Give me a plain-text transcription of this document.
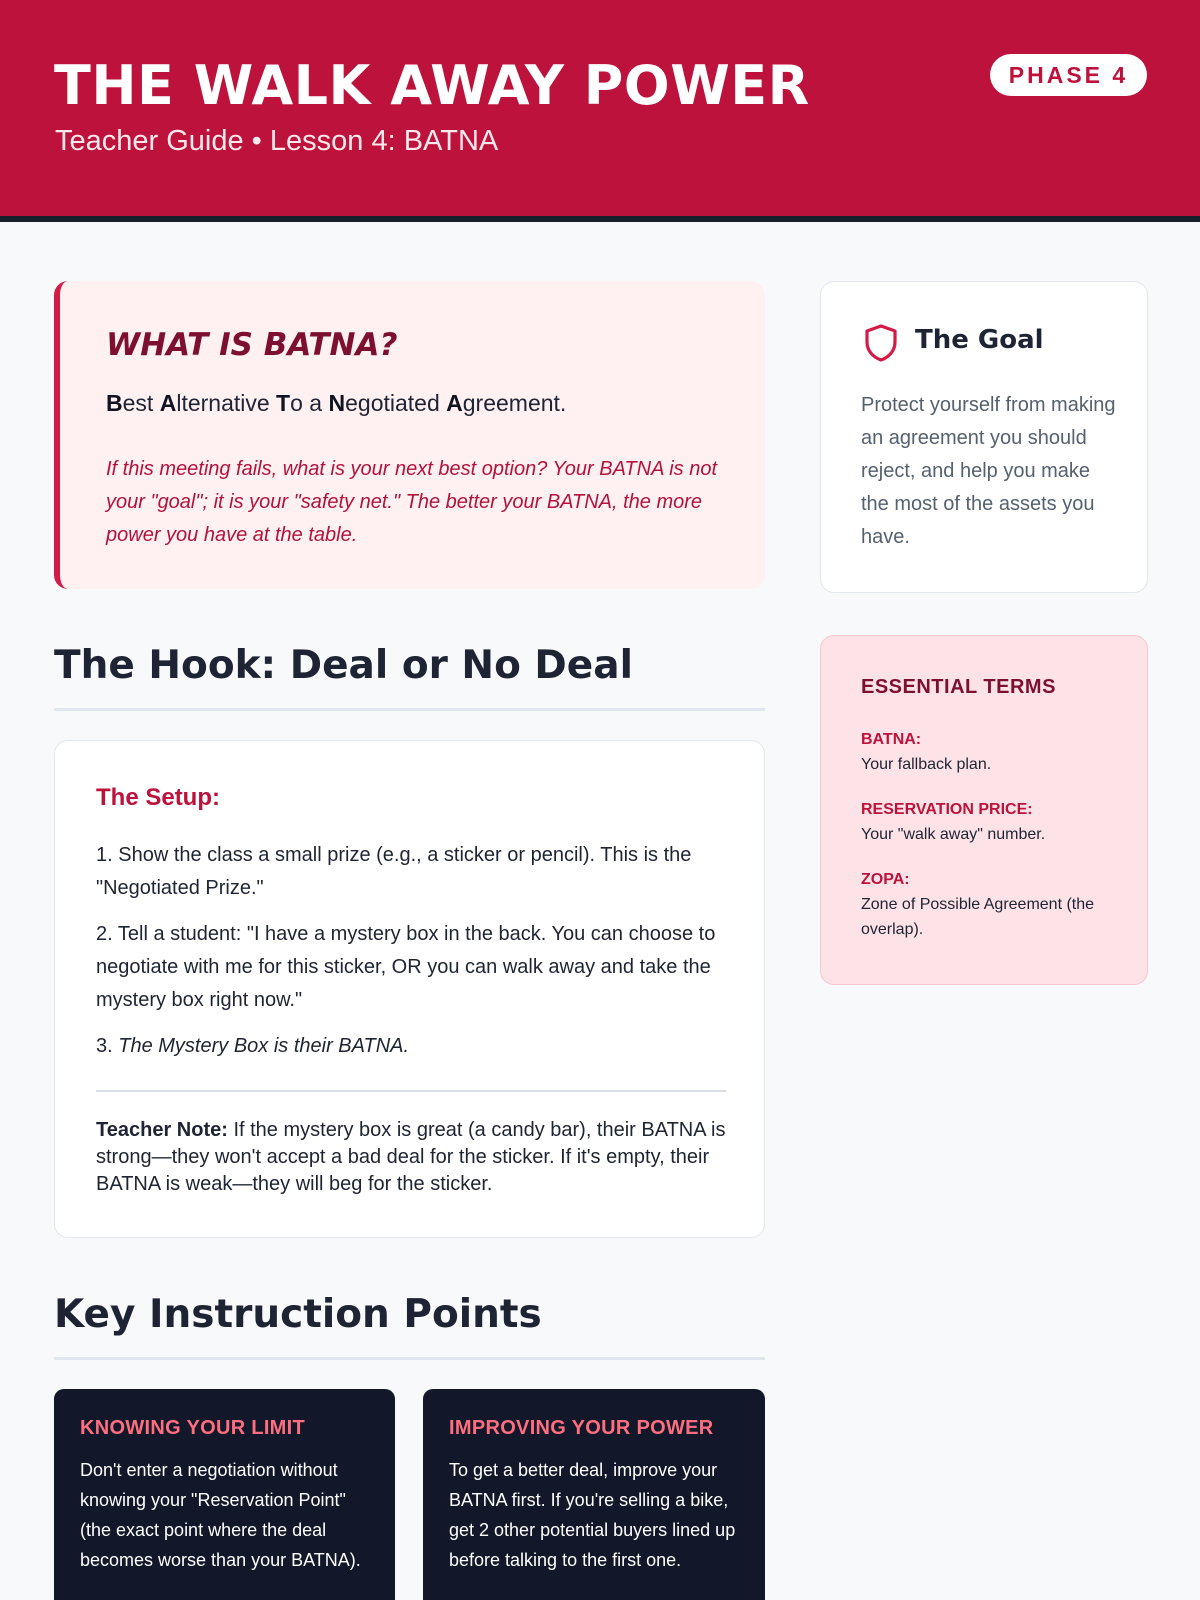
THE WALK AWAY POWER
Teacher Guide • Lesson 4: BATNA
PHASE 4
WHAT IS BATNA?
Best Alternative To a Negotiated Agreement.
If this meeting fails, what is your next best option? Your BATNA is not your "goal"; it is your "safety net." The better your BATNA, the more power you have at the table.
The Goal
Protect yourself from making an agreement you should reject, and help you make the most of the assets you have.
ESSENTIAL TERMS
BATNA:
Your fallback plan.
RESERVATION PRICE:
Your "walk away" number.
ZOPA:
Zone of Possible Agreement (the overlap).
The Hook: Deal or No Deal
The Setup:
1. Show the class a small prize (e.g., a sticker or pencil). This is the "Negotiated Prize."
2. Tell a student: "I have a mystery box in the back. You can choose to negotiate with me for this sticker, OR you can walk away and take the mystery box right now."
3. The Mystery Box is their BATNA.
Teacher Note: If the mystery box is great (a candy bar), their BATNA is strong—they won't accept a bad deal for the sticker. If it's empty, their BATNA is weak—they will beg for the sticker.
Key Instruction Points
KNOWING YOUR LIMIT
Don't enter a negotiation without knowing your "Reservation Point" (the exact point where the deal becomes worse than your BATNA).
IMPROVING YOUR POWER
To get a better deal, improve your BATNA first. If you're selling a bike, get 2 other potential buyers lined up before talking to the first one.
